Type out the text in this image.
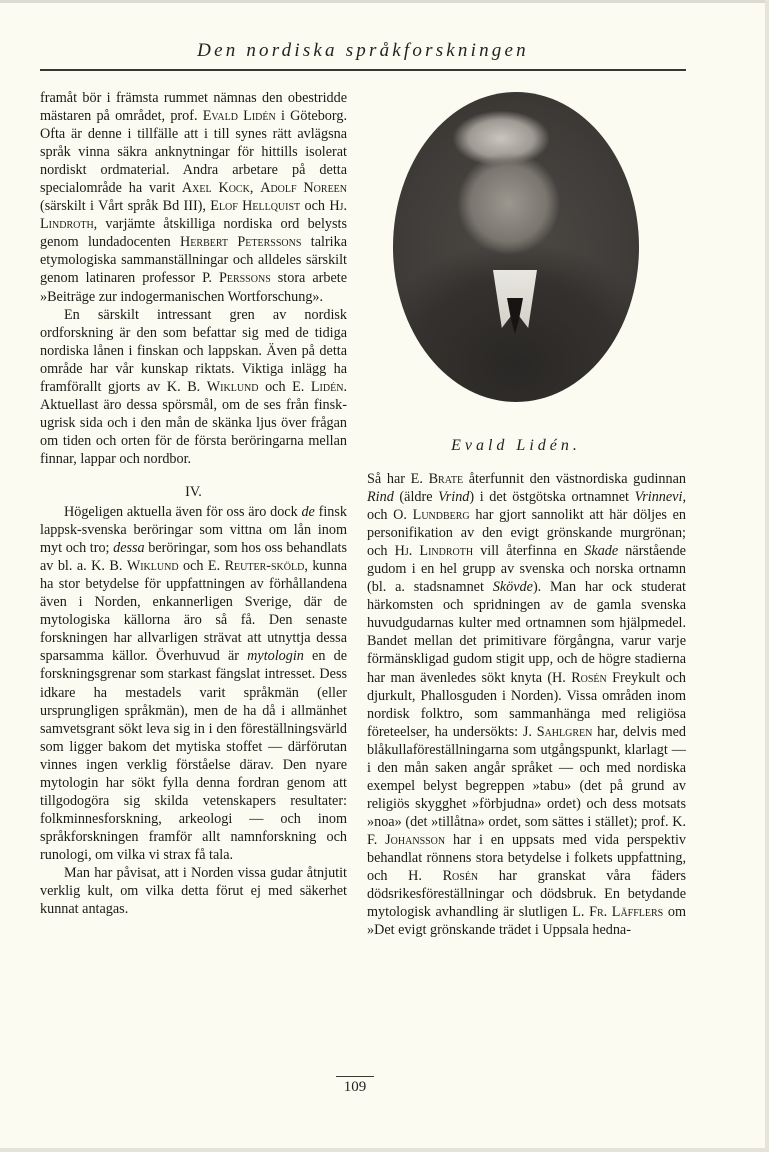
Den nordiska språkforskningen

framåt bör i främsta rummet nämnas den obestridde mästaren på området, prof. Evald Lidén i Göteborg. Ofta är denne i tillfälle att i till synes rätt avlägsna språk vinna säkra anknytningar för hittills isolerat nordiskt ordmaterial. Andra arbetare på detta specialområde ha varit Axel Kock, Adolf Noreen (särskilt i Vårt språk Bd III), Elof Hellquist och Hj. Lindroth, varjämte åtskilliga nordiska ord belysts genom lundadocenten Herbert Peterssons talrika etymologiska sammanställningar och alldeles särskilt genom latinaren professor P. Perssons stora arbete »Beiträge zur indogermanischen Wortforschung».

En särskilt intressant gren av nordisk ordforskning är den som befattar sig med de tidiga nordiska lånen i finskan och lappskan. Även på detta område har vår kunskap riktats. Viktiga inlägg ha framförallt gjorts av K. B. Wiklund och E. Lidén. Aktuellast äro dessa spörsmål, om de ses från finsk-ugrisk sida och i den mån de skänka ljus över frågan om tiden och orten för de första beröringarna mellan finnar, lappar och nordbor.

IV.

Högeligen aktuella även för oss äro dock de finsk lappsk-svenska beröringar som vittna om lån inom myt och tro; dessa beröringar, som hos oss behandlats av bl. a. K. B. Wiklund och E. Reuter-sköld, kunna ha stor betydelse för uppfattningen av förhållandena även i Norden, enkannerligen Sverige, där de mytologiska källorna äro så få. Den senaste forskningen har allvarligen strävat att utnyttja dessa sparsamma källor. Överhuvud är mytologin en de forskningsgrenar som starkast fängslat intresset. Dess idkare ha mestadels varit språkmän (eller ursprungligen språkmän), men de ha då i allmänhet samvetsgrant sökt leva sig in i den föreställningsvärld som ligger bakom det mytiska stoffet — därförutan vinnes ingen verklig förståelse därav. Den nyare mytologin har sökt fylla denna fordran genom att tillgodogöra sig skilda vetenskapers resultater: folkminnesforskning, arkeologi — och inom språkforskningen framför allt namnforskning och runologi, om vilka vi strax få tala.

Man har påvisat, att i Norden vissa gudar åtnjutit verklig kult, om vilka detta förut ej med säkerhet kunnat antagas.

Evald Lidén.

Så har E. Brate återfunnit den västnordiska gudinnan Rind (äldre Vrind) i det östgötska ortnamnet Vrinnevi, och O. Lundberg har gjort sannolikt att här döljes en personifikation av den evigt grönskande murgrönan; och Hj. Lindroth vill återfinna en Skade närstående gudom i en hel grupp av svenska och norska ortnamn (bl. a. stadsnamnet Skövde). Man har ock studerat härkomsten och spridningen av de gamla svenska huvudgudarnas kulter med ortnamnen som hjälpmedel. Bandet mellan det primitivare förgångna, varur varje förmänskligad gudom stigit upp, och de högre stadierna har man ävenledes sökt knyta (H. Rosén Freykult och djurkult, Phallosguden i Norden). Vissa områden inom nordisk folktro, som sammanhänga med religiösa företeelser, ha undersökts: J. Sahlgren har, delvis med blåkullaföreställningarna som utgångspunkt, klarlagt — i den mån saken angår språket — och med nordiska exempel belyst begreppen »tabu» (det på grund av religiös skygghet »förbjudna» ordet) och dess motsats »noa» (det »tillåtna» ordet, som sättes i stället); prof. K. F. Johansson har i en uppsats med vida perspektiv behandlat rönnens stora betydelse i folkets uppfattning, och H. Rosén har granskat våra fäders dödsrikesföreställningar och dödsbruk. En betydande mytologisk avhandling är slutligen L. Fr. Läfflers om »Det evigt grönskande trädet i Uppsala hedna-

109
